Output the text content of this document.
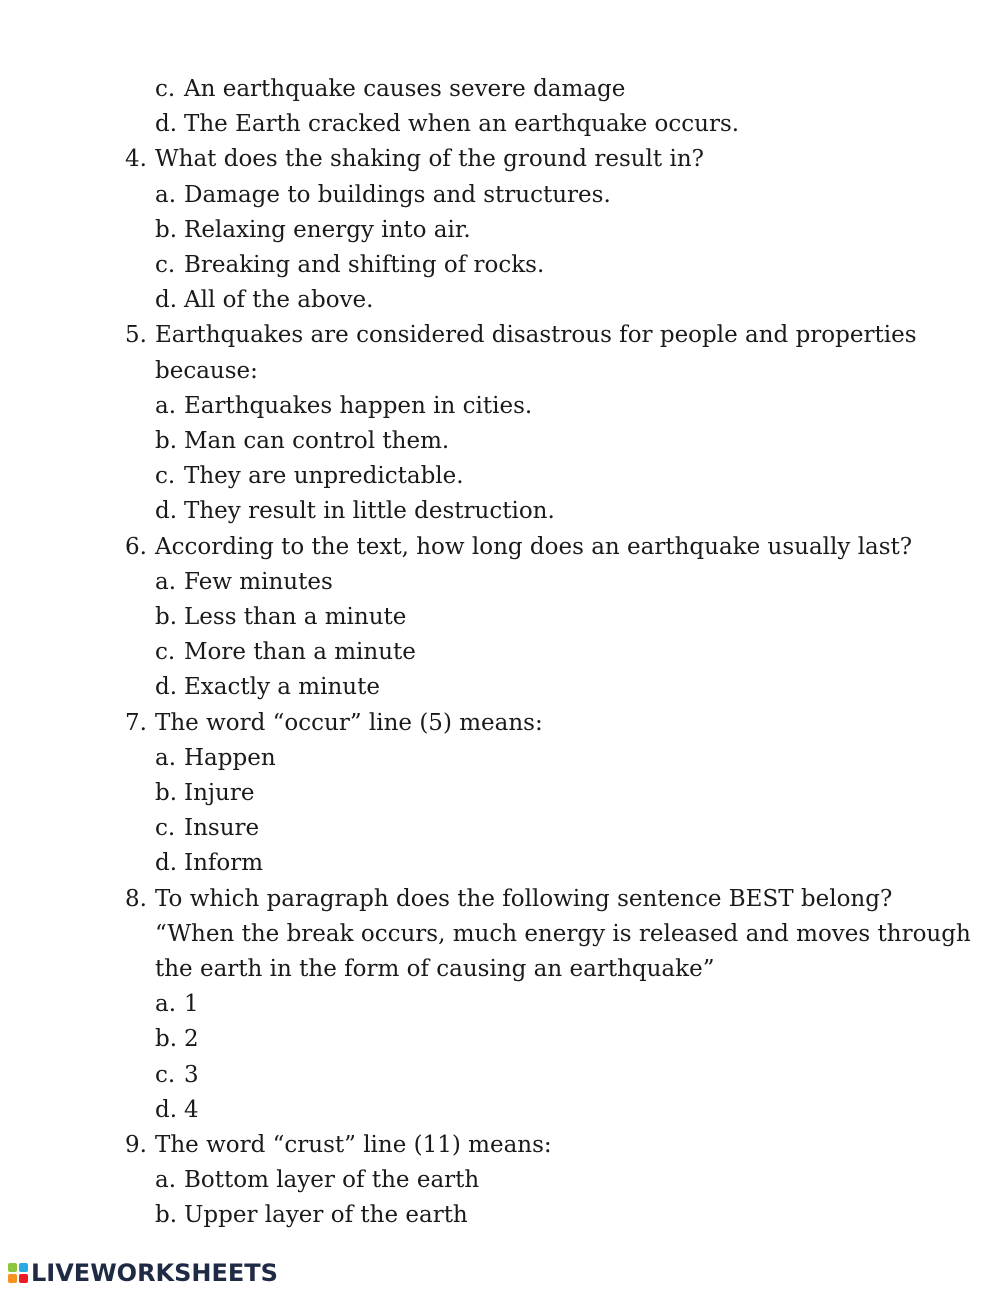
c. An earthquake causes severe damage
d. The Earth cracked when an earthquake occurs.
4. What does the shaking of the ground result in?
a. Damage to buildings and structures.
b. Relaxing energy into air.
c. Breaking and shifting of rocks.
d. All of the above.
5. Earthquakes are considered disastrous for people and properties
because:
a. Earthquakes happen in cities.
b. Man can control them.
c. They are unpredictable.
d. They result in little destruction.
6. According to the text, how long does an earthquake usually last?
a. Few minutes
b. Less than a minute
c. More than a minute
d. Exactly a minute
7. The word “occur” line (5) means:
a. Happen
b. Injure
c. Insure
d. Inform
8. To which paragraph does the following sentence BEST belong?
“When the break occurs, much energy is released and moves through
the earth in the form of causing an earthquake”
a. 1
b. 2
c. 3
d. 4
9. The word “crust” line (11) means:
a. Bottom layer of the earth
b. Upper layer of the earth
LIVEWORKSHEETS
